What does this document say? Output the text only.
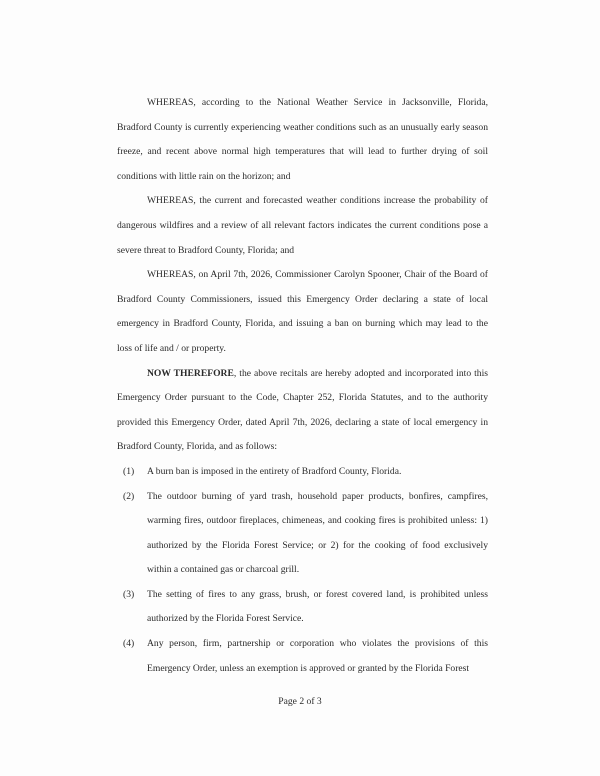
WHEREAS, according to the National Weather Service in Jacksonville, Florida, Bradford County is currently experiencing weather conditions such as an unusually early season freeze, and recent above normal high temperatures that will lead to further drying of soil conditions with little rain on the horizon; and

WHEREAS, the current and forecasted weather conditions increase the probability of dangerous wildfires and a review of all relevant factors indicates the current conditions pose a severe threat to Bradford County, Florida; and

WHEREAS, on April 7th, 2026, Commissioner Carolyn Spooner, Chair of the Board of Bradford County Commissioners, issued this Emergency Order declaring a state of local emergency in Bradford County, Florida, and issuing a ban on burning which may lead to the loss of life and / or property.

NOW THEREFORE, the above recitals are hereby adopted and incorporated into this Emergency Order pursuant to the Code, Chapter 252, Florida Statutes, and to the authority provided this Emergency Order, dated April 7th, 2026, declaring a state of local emergency in Bradford County, Florida, and as follows:

(1) A burn ban is imposed in the entirety of Bradford County, Florida.
(2) The outdoor burning of yard trash, household paper products, bonfires, campfires, warming fires, outdoor fireplaces, chimeneas, and cooking fires is prohibited unless: 1) authorized by the Florida Forest Service; or 2) for the cooking of food exclusively within a contained gas or charcoal grill.
(3) The setting of fires to any grass, brush, or forest covered land, is prohibited unless authorized by the Florida Forest Service.
(4) Any person, firm, partnership or corporation who violates the provisions of this Emergency Order, unless an exemption is approved or granted by the Florida Forest
Page 2 of 3
